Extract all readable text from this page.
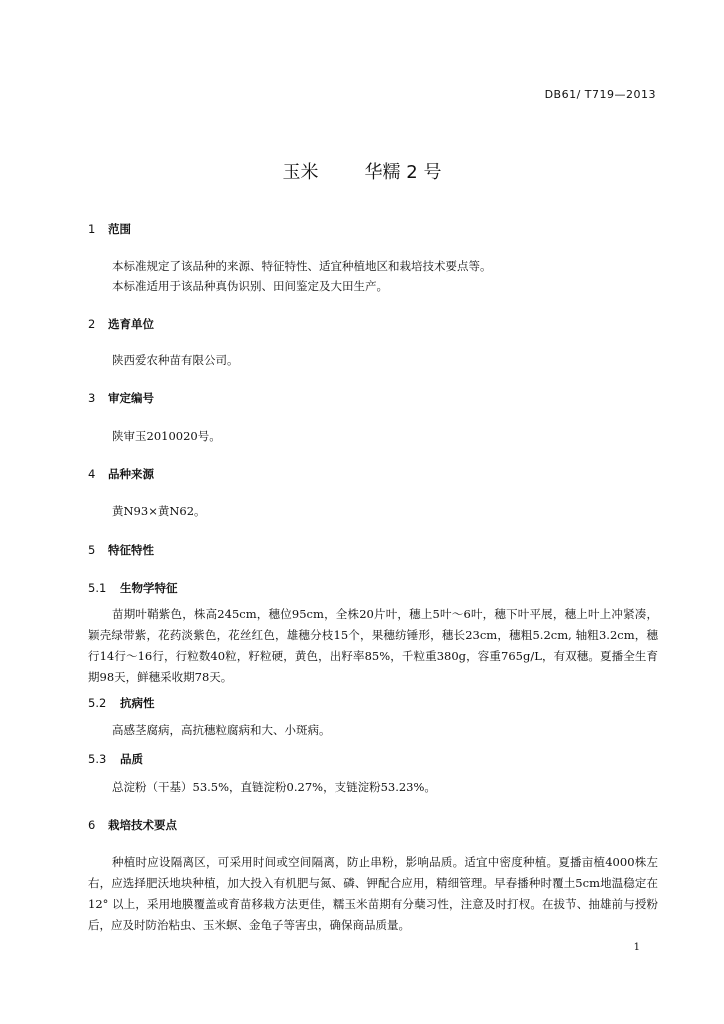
DB61/ T719—2013
玉米	华糯 2 号
1 范围
本标准规定了该品种的来源、特征特性、适宜种植地区和栽培技术要点等。
本标准适用于该品种真伪识别、田间鉴定及大田生产。
2 选育单位
陕西爱农种苗有限公司。
3 审定编号
陕审玉2010020号。
4 品种来源
黄N93×黄N62。
5 特征特性
5.1 生物学特征
苗期叶鞘紫色，株高245cm，穗位95cm，全株20片叶，穗上5叶～6叶，穗下叶平展，穗上叶上冲紧凑，颖壳绿带紫，花药淡紫色，花丝红色，雄穗分枝15个，果穗纺锤形，穗长23cm，穗粗5.2cm, 轴粗3.2cm，穗行14行～16行，行粒数40粒，籽粒硬，黄色，出籽率85%，千粒重380g，容重765g/L，有双穗。夏播全生育期98天，鲜穗采收期78天。
5.2 抗病性
高感茎腐病，高抗穗粒腐病和大、小斑病。
5.3 品质
总淀粉（干基）53.5%，直链淀粉0.27%，支链淀粉53.23%。
6 栽培技术要点
种植时应设隔离区，可采用时间或空间隔离，防止串粉，影响品质。适宜中密度种植。夏播亩植4000株左右，应选择肥沃地块种植，加大投入有机肥与氮、磷、钾配合应用，精细管理。早春播种时覆土5cm地温稳定在12° 以上，采用地膜覆盖或育苗移栽方法更佳，糯玉米苗期有分蘖习性，注意及时打杈。在拔节、抽雄前与授粉后，应及时防治粘虫、玉米螟、金龟子等害虫，确保商品质量。
1
